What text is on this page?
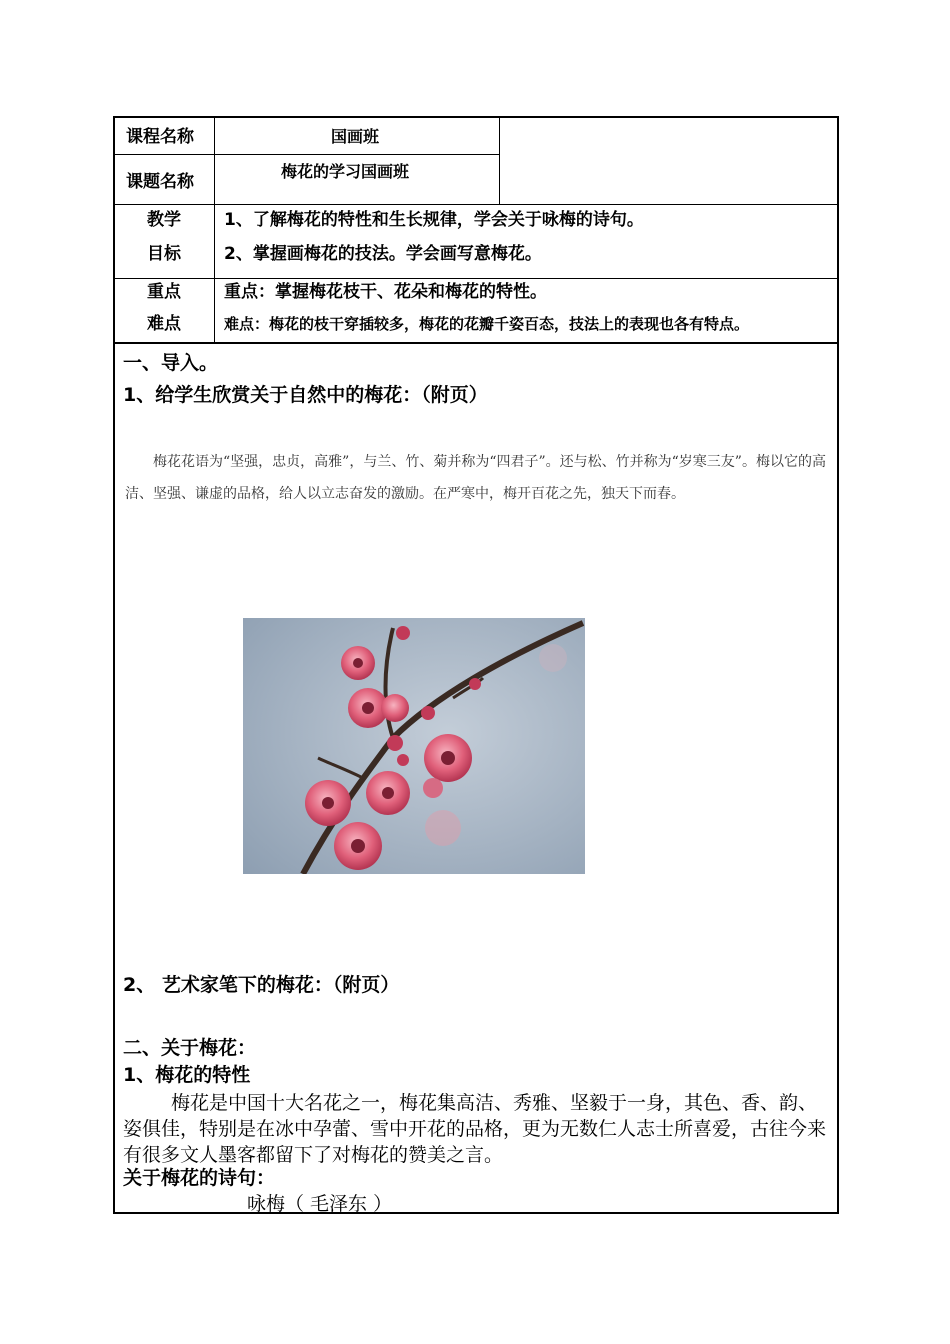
课程名称	国画班
课题名称
梅花的学习国画班
教学
目标
1、了解梅花的特性和生长规律，学会关于咏梅的诗句。
2、掌握画梅花的技法。学会画写意梅花。
重点
难点
重点：掌握梅花枝干、花朵和梅花的特性。
难点：梅花的枝干穿插较多，梅花的花瓣千姿百态，技法上的表现也各有特点。
一、导入。
1、给学生欣赏关于自然中的梅花：（附页）
梅花花语为“坚强，忠贞，高雅”，与兰、竹、菊并称为“四君子”。还与松、竹并称为“岁寒三友”。梅以它的高洁、坚强、谦虚的品格，给人以立志奋发的激励。在严寒中，梅开百花之先，独天下而春。
2、 艺术家笔下的梅花：（附页）
二、关于梅花：
1、梅花的特性
梅花是中国十大名花之一，梅花集高洁、秀雅、坚毅于一身，其色、香、韵、姿俱佳，特别是在冰中孕蕾、雪中开花的品格，更为无数仁人志士所喜爱，古往今来有很多文人墨客都留下了对梅花的赞美之言。
关于梅花的诗句：
咏梅（ 毛泽东 ）
